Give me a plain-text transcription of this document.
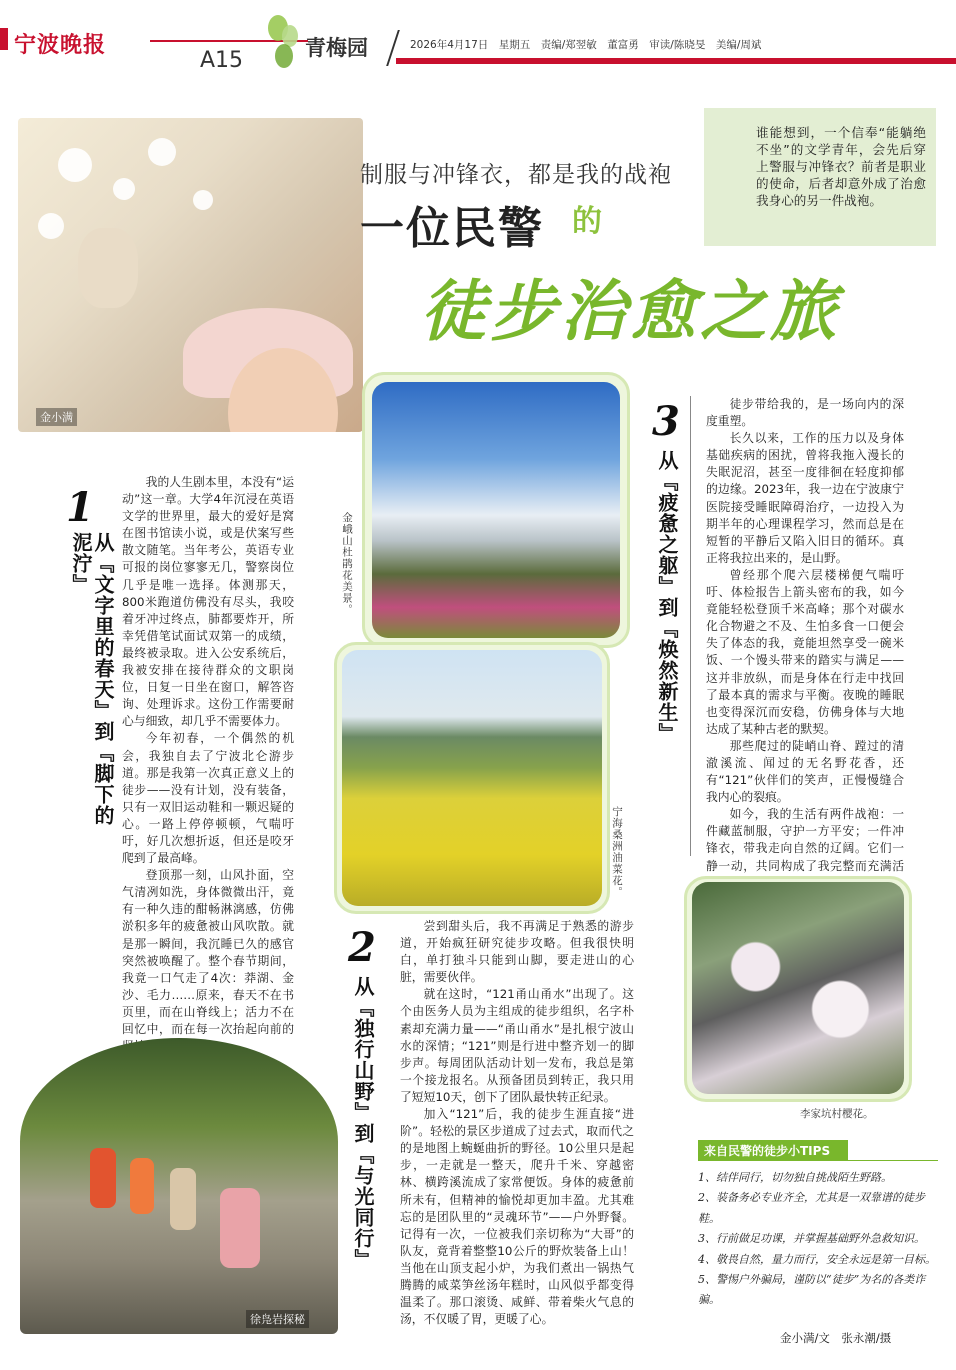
宁波晚报
A15	青梅园	2026年4月17日　星期五　责编/郑翌敏　董富勇　审读/陈晓旻　美编/周斌
金小满
制服与冲锋衣，都是我的战袍
一位民警 的
徒步治愈之旅
谁能想到，一个信奉“能躺绝不坐”的文学青年，会先后穿上警服与冲锋衣？前者是职业的使命，后者却意外成了治愈我身心的另一件战袍。
1
从『文字里的春天』到『脚下的泥泞』

我的人生剧本里，本没有“运动”这一章。大学4年沉浸在英语文学的世界里，最大的爱好是窝在图书馆读小说，或是伏案写些散文随笔。当年考公，英语专业可报的岗位寥寥无几，警察岗位几乎是唯一选择。体测那天，800米跑道仿佛没有尽头，我咬着牙冲过终点，肺都要炸开，所幸凭借笔试面试双第一的成绩，最终被录取。进入公安系统后，我被安排在接待群众的文职岗位，日复一日坐在窗口，解答咨询、处理诉求。这份工作需要耐心与细致，却几乎不需要体力。

今年初春，一个偶然的机会，我独自去了宁波北仑游步道。那是我第一次真正意义上的徒步——没有计划，没有装备，只有一双旧运动鞋和一颗迟疑的心。一路上停停顿顿，气喘吁吁，好几次想折返，但还是咬牙爬到了最高峰。

登顶那一刻，山风扑面，空气清冽如洗，身体微微出汗，竟有一种久违的酣畅淋漓感，仿佛淤积多年的疲惫被山风吹散。就是那一瞬间，我沉睡已久的感官突然被唤醒了。整个春节期间，我竟一口气走了4次：莽湖、金沙、毛力……原来，春天不在书页里，而在山脊线上；活力不在回忆中，而在每一次抬起向前的

金峨山杜鹃花美景。
宁海桑洲油菜花。
2
从『独行山野』到『与光同行』

尝到甜头后，我不再满足于熟悉的游步道，开始疯狂研究徒步攻略。但我很快明白，单打独斗只能到山脚，要走进山的心脏，需要伙伴。

就在这时，“121甬山甬水”出现了。这个由医务人员为主组成的徒步组织，名字朴素却充满力量——“甬山甬水”是扎根宁波山水的深情；“121”则是行进中整齐划一的脚步声。每周团队活动计划一发布，我总是第一个接龙报名。从预备团员到转正，我只用了短短10天，创下了团队最快转正纪录。

加入“121”后，我的徒步生涯直接“进阶”。轻松的景区步道成了过去式，取而代之的是地图上蜿蜒曲折的野径。10公里只是起步，一走就是一整天，爬升千米、穿越密林、横跨溪流成了家常便饭。身体的疲惫前所未有，但精神的愉悦却更加丰盈。尤其难忘的是团队里的“灵魂环节”——户外野餐。记得有一次，一位被我们亲切称为“大哥”的队友，竟背着整整10公斤的野炊装备上山！当他在山顶支起小炉，为我们煮出一锅热气腾腾的咸菜笋丝汤年糕时，山风似乎都变得温柔了。那口滚烫、咸鲜、带着柴火气息的汤，不仅暖了胃，更暖了心。

3
从『疲惫之躯』到『焕然新生』

徒步带给我的，是一场向内的深度重塑。

长久以来，工作的压力以及身体基础疾病的困扰，曾将我拖入漫长的失眠泥沼，甚至一度徘徊在轻度抑郁的边缘。2023年，我一边在宁波康宁医院接受睡眠障碍治疗，一边投入为期半年的心理课程学习，然而总是在短暂的平静后又陷入旧日的循环。真正将我拉出来的，是山野。

曾经那个爬六层楼梯便气喘吁吁、体检报告上箭头密布的我，如今竟能轻松登顶千米高峰；那个对碳水化合物避之不及、生怕多食一口便会失了体态的我，竟能坦然享受一碗米饭、一个馒头带来的踏实与满足——这并非放纵，而是身体在行走中找回了最本真的需求与平衡。夜晚的睡眠也变得深沉而安稳，仿佛身体与大地达成了某种古老的默契。

那些爬过的陡峭山脊、蹚过的清澈溪流、闻过的无名野花香，还有“121”伙伴们的笑声，正慢慢缝合我内心的裂痕。

如今，我的生活有两件战袍：一件藏蓝制服，守护一方平安；一件冲锋衣，带我走向自然的辽阔。它们一静一动，共同构成了我完整而充满活

李家坑村樱花。
徐凫岩探秘
来自民警的徒步小TIPS
1、结伴同行，切勿独自挑战陌生野路。
2、装备务必专业齐全，尤其是一双靠谱的徒步鞋。
3、行前做足功课，并掌握基础野外急救知识。
4、敬畏自然，量力而行，安全永远是第一目标。
5、警惕户外骗局，谨防以“徒步”为名的各类诈骗。
金小满/文　张永潮/摄
